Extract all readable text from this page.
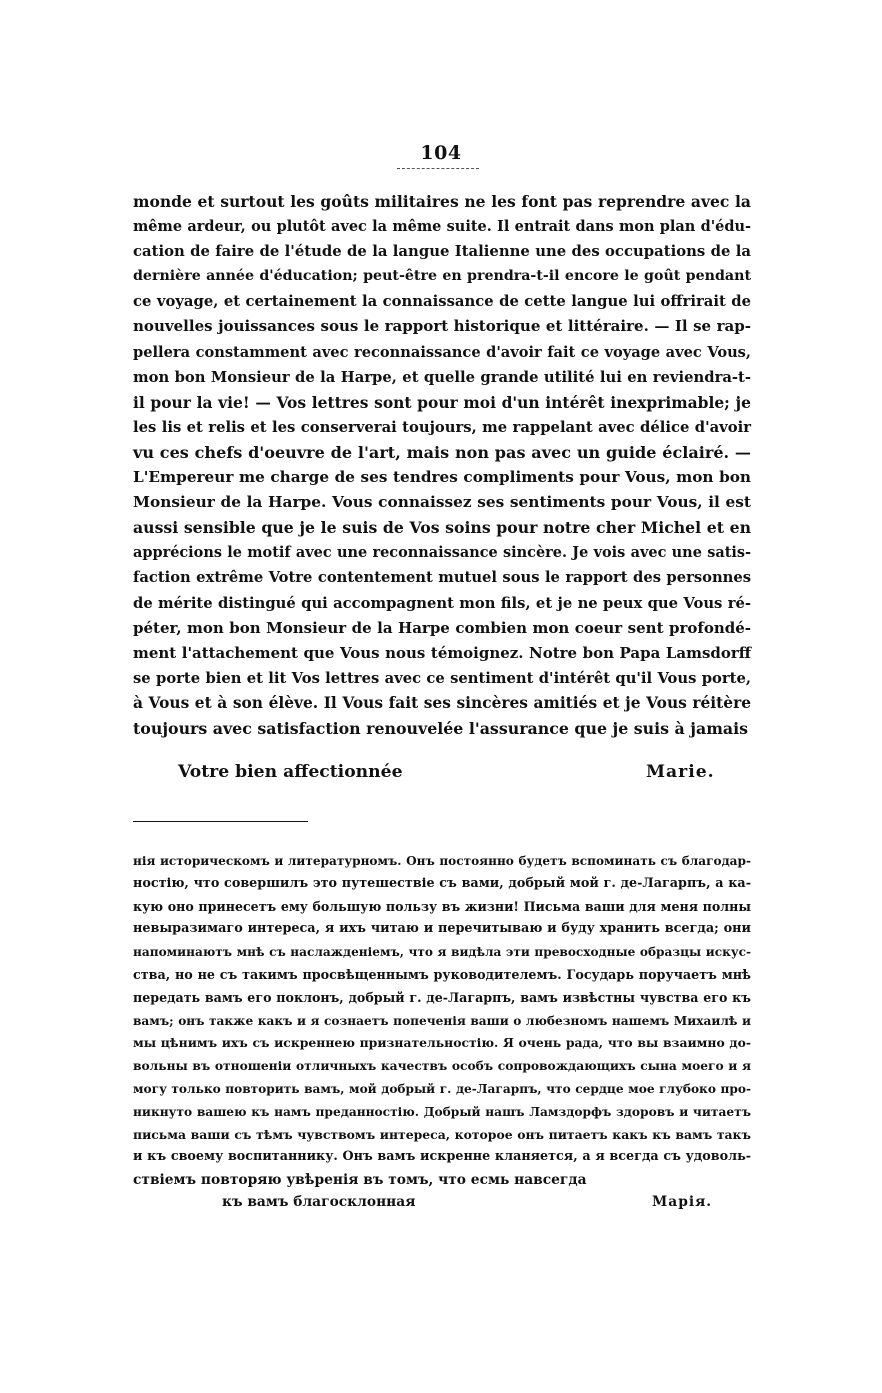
104
monde et surtout les goûts militaires ne les font pas reprendre avec la
même ardeur, ou plutôt avec la même suite. Il entrait dans mon plan d'édu-
cation de faire de l'étude de la langue Italienne une des occupations de la
dernière année d'éducation; peut-être en prendra-t-il encore le goût pendant
ce voyage, et certainement la connaissance de cette langue lui offrirait de
nouvelles jouissances sous le rapport historique et littéraire. — Il se rap-
pellera constamment avec reconnaissance d'avoir fait ce voyage avec Vous,
mon bon Monsieur de la Harpe, et quelle grande utilité lui en reviendra-t-
il pour la vie! — Vos lettres sont pour moi d'un intérêt inexprimable; je
les lis et relis et les conserverai toujours, me rappelant avec délice d'avoir
vu ces chefs d'oeuvre de l'art, mais non pas avec un guide éclairé. —
L'Empereur me charge de ses tendres compliments pour Vous, mon bon
Monsieur de la Harpe. Vous connaissez ses sentiments pour Vous, il est
aussi sensible que je le suis de Vos soins pour notre cher Michel et en
apprécions le motif avec une reconnaissance sincère. Je vois avec une satis-
faction extrême Votre contentement mutuel sous le rapport des personnes
de mérite distingué qui accompagnent mon fils, et je ne peux que Vous ré-
péter, mon bon Monsieur de la Harpe combien mon coeur sent profondé-
ment l'attachement que Vous nous témoignez. Notre bon Papa Lamsdorff
se porte bien et lit Vos lettres avec ce sentiment d'intérêt qu'il Vous porte,
à Vous et à son élève. Il Vous fait ses sincères amitiés et je Vous réitère
toujours avec satisfaction renouvelée l'assurance que je suis à jamais
Votre bien affectionnée	Marie.
нія историческомъ и литературномъ. Онъ постоянно будетъ вспоминать съ благодар-
ностію, что совершилъ это путешествіе съ вами, добрый мой г. де-Лагарпъ, а ка-
кую оно принесетъ ему большую пользу въ жизни! Письма ваши для меня полны
невыразимаго интереса, я ихъ читаю и перечитываю и буду хранить всегда; они
напоминаютъ мнѣ съ наслажденіемъ, что я видѣла эти превосходные образцы искус-
ства, но не съ такимъ просвѣщеннымъ руководителемъ. Государь поручаетъ мнѣ
передать вамъ его поклонъ, добрый г. де-Лагарпъ, вамъ извѣстны чувства его къ
вамъ; онъ также какъ и я сознаетъ попеченія ваши о любезномъ нашемъ Михаилѣ и
мы цѣнимъ ихъ съ искреннею признательностію. Я очень рада, что вы взаимно до-
вольны въ отношеніи отличныхъ качествъ особъ сопровождающихъ сына моего и я
могу только повторить вамъ, мой добрый г. де-Лагарпъ, что сердце мое глубоко про-
никнуто вашею къ намъ преданностію. Добрый нашъ Ламздорфъ здоровъ и читаетъ
письма ваши съ тѣмъ чувствомъ интереса, которое онъ питаетъ какъ къ вамъ такъ
и къ своему воспитаннику. Онъ вамъ искренне кланяется, а я всегда съ удоволь-
ствіемъ повторяю увѣренія въ томъ, что есмь навсегда
къ вамъ благосклонная	Марія.
